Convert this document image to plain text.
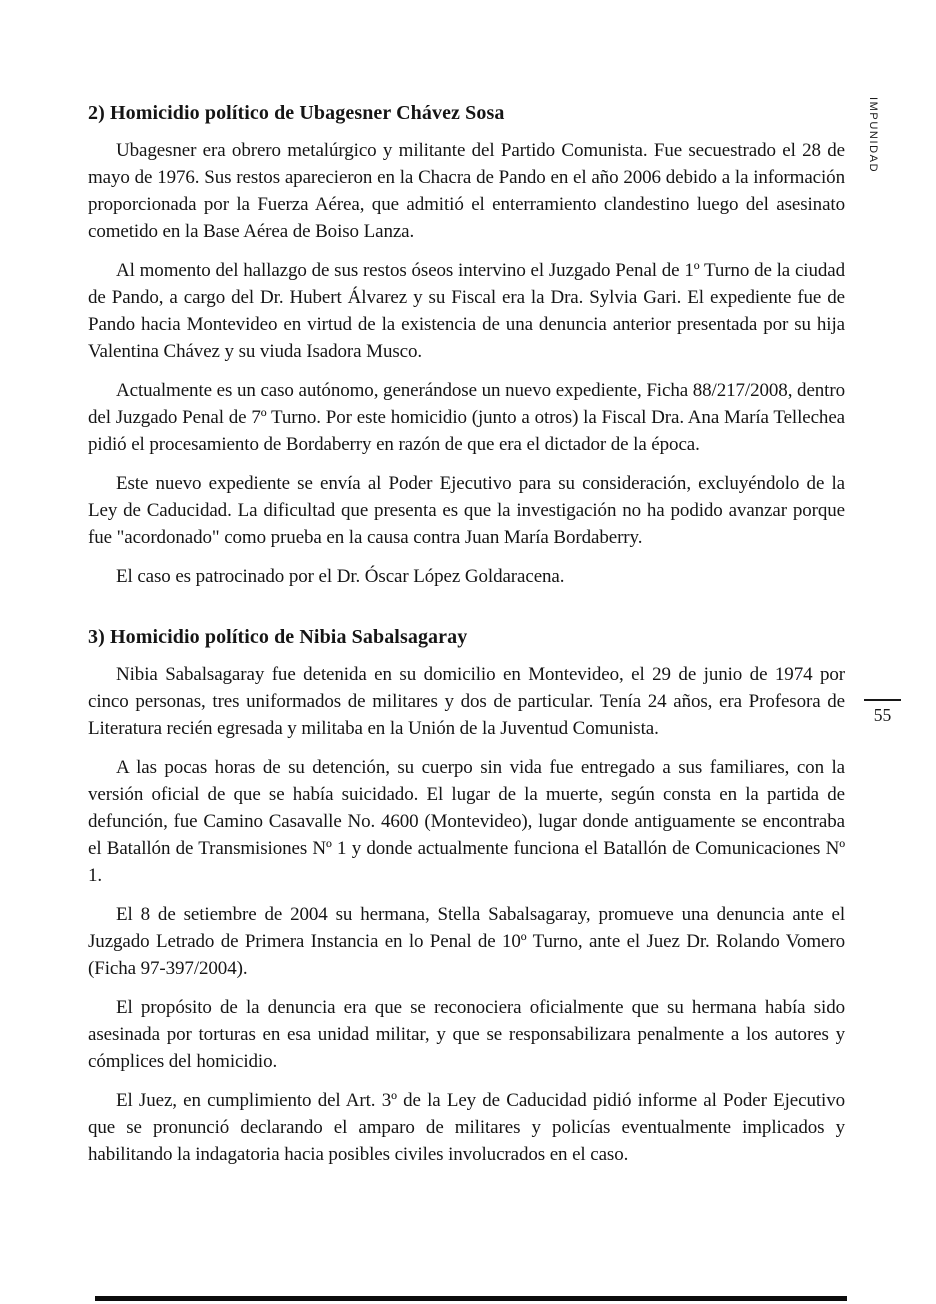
IMPUNIDAD
2) Homicidio político de Ubagesner Chávez Sosa

Ubagesner era obrero metalúrgico y militante del Partido Comunista. Fue secuestrado el 28 de mayo de 1976. Sus restos aparecieron en la Chacra de Pando en el año 2006 debido a la información proporcionada por la Fuerza Aérea, que admitió el enterramiento clandestino luego del asesinato cometido en la Base Aérea de Boiso Lanza.

Al momento del hallazgo de sus restos óseos intervino el Juzgado Penal de 1º Turno de la ciudad de Pando, a cargo del Dr. Hubert Álvarez y su Fiscal era la Dra. Sylvia Gari. El expediente fue de Pando hacia Montevideo en virtud de la existencia de una denuncia anterior presentada por su hija Valentina Chávez y su viuda Isadora Musco.

Actualmente es un caso autónomo, generándose un nuevo expediente, Ficha 88/217/2008, dentro del Juzgado Penal de 7º Turno. Por este homicidio (junto a otros) la Fiscal Dra. Ana María Tellechea pidió el procesamiento de Bordaberry en razón de que era el dictador de la época.

Este nuevo expediente se envía al Poder Ejecutivo para su consideración, excluyéndolo de la Ley de Caducidad. La dificultad que presenta es que la investigación no ha podido avanzar porque fue "acordonado" como prueba en la causa contra Juan María Bordaberry.

El caso es patrocinado por el Dr. Óscar López Goldaracena.

3) Homicidio político de Nibia Sabalsagaray

Nibia Sabalsagaray fue detenida en su domicilio en Montevideo, el 29 de junio de 1974 por cinco personas, tres uniformados de militares y dos de particular. Tenía 24 años, era Profesora de Literatura recién egresada y militaba en la Unión de la Juventud Comunista.

A las pocas horas de su detención, su cuerpo sin vida fue entregado a sus familiares, con la versión oficial de que se había suicidado. El lugar de la muerte, según consta en la partida de defunción, fue Camino Casavalle No. 4600 (Montevideo), lugar donde antiguamente se encontraba el Batallón de Transmisiones Nº 1 y donde actualmente funciona el Batallón de Comunicaciones Nº 1.

El 8 de setiembre de 2004 su hermana, Stella Sabalsagaray, promueve una denuncia ante el Juzgado Letrado de Primera Instancia en lo Penal de 10º Turno, ante el Juez Dr. Rolando Vomero (Ficha 97-397/2004).

El propósito de la denuncia era que se reconociera oficialmente que su hermana había sido asesinada por torturas en esa unidad militar, y que se responsabilizara penalmente a los autores y cómplices del homicidio.

El Juez, en cumplimiento del Art. 3º de la Ley de Caducidad pidió informe al Poder Ejecutivo que se pronunció declarando el amparo de militares y policías eventualmente implicados y habilitando la indagatoria hacia posibles civiles involucrados en el caso.

55
